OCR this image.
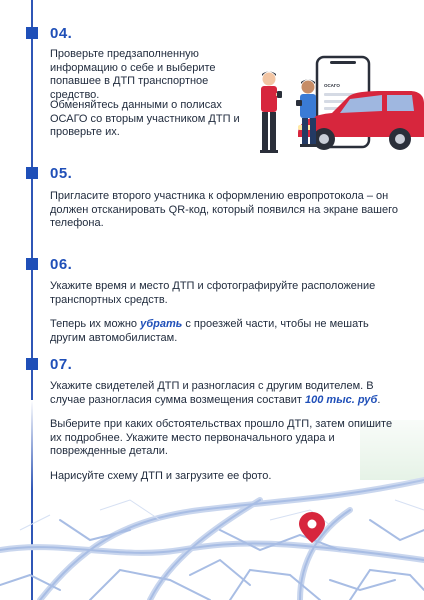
ОСАГО
04.

Проверьте предзаполненную информацию о себе и выберите попавшее в ДТП транспортное средство.

Обменяйтесь данными о полисах ОСАГО со вторым участником ДТП и проверьте их.

05.

Пригласите второго участника к оформлению европротокола – он должен отсканировать QR-код, который появился на экране вашего телефона.

06.

Укажите время и место ДТП и сфотографируйте расположение транспортных средств.

Теперь их можно убрать с проезжей части, чтобы не мешать другим автомобилистам.

07.

Укажите свидетелей ДТП и разногласия с другим водителем. В случае разногласия сумма возмещения составит 100 тыс. руб.

Выберите при каких обстоятельствах прошло ДТП, затем опишите их подробнее. Укажите место первоначального удара и поврежденные детали.

Нарисуйте схему ДТП и загрузите ее фото.
